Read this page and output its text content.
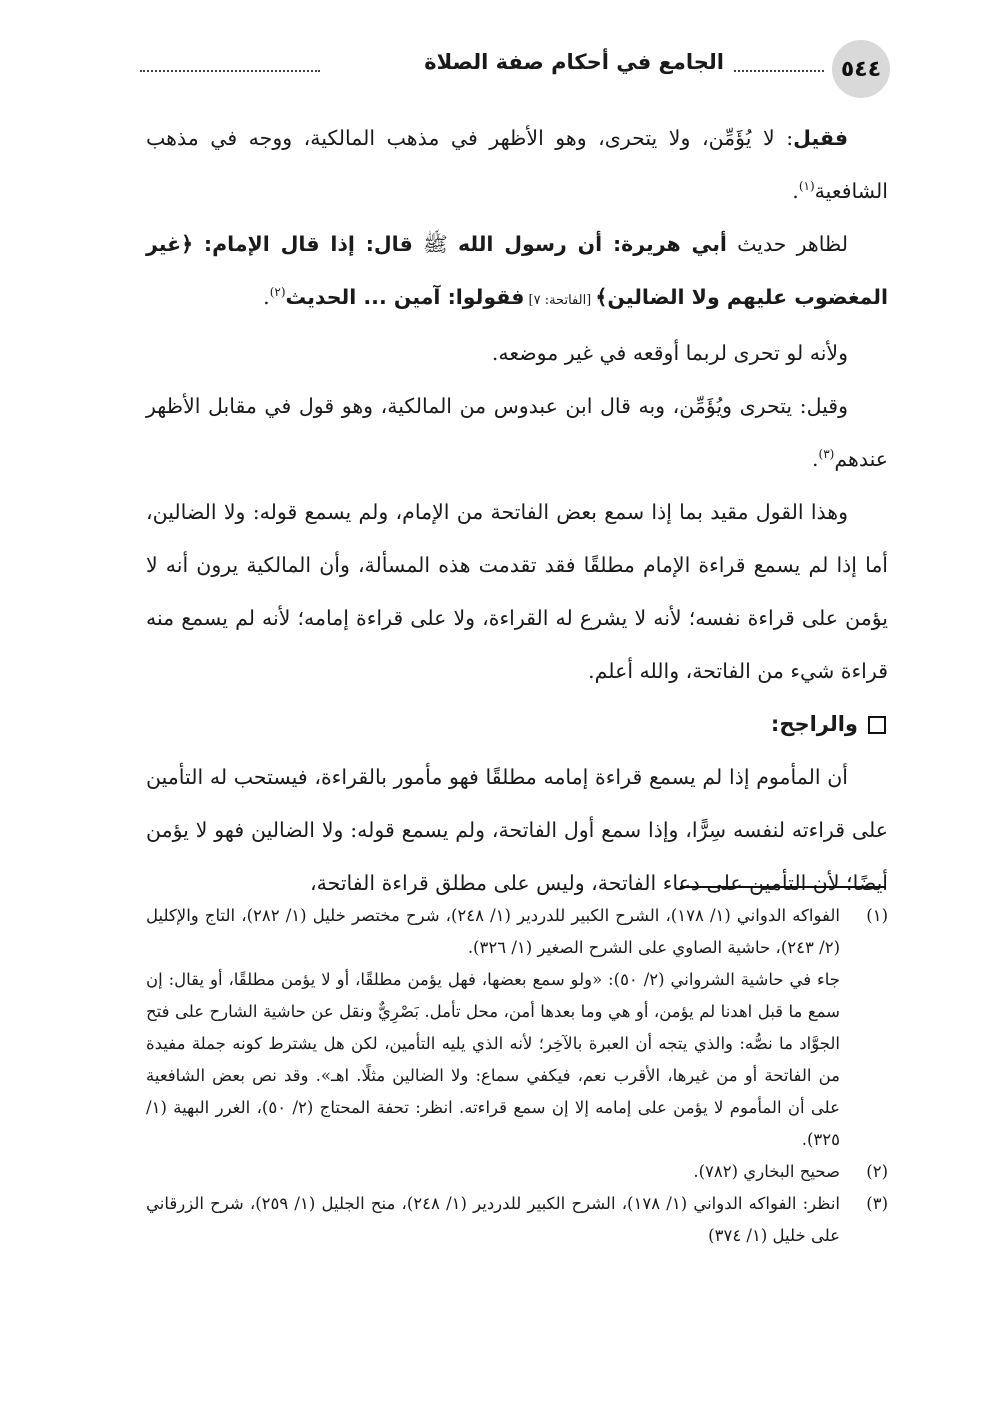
٥٤٤
الجامع في أحكام صفة الصلاة

فقيل: لا يُؤَمِّن، ولا يتحرى، وهو الأظهر في مذهب المالكية، ووجه في مذهب الشافعية$^{(١)}$.

لظاهر حديث أبي هريرة: أن رسول الله ﷺ قال: إذا قال الإمام: ﴿غير المغضوب عليهم ولا الضالين﴾ [الفاتحة: ٧] فقولوا: آمين ... الحديث$^{(٢)}$.

ولأنه لو تحرى لربما أوقعه في غير موضعه.

وقيل: يتحرى ويُؤَمِّن، وبه قال ابن عبدوس من المالكية، وهو قول في مقابل الأظهر عندهم$^{(٣)}$.

وهذا القول مقيد بما إذا سمع بعض الفاتحة من الإمام، ولم يسمع قوله: ولا الضالين، أما إذا لم يسمع قراءة الإمام مطلقًا فقد تقدمت هذه المسألة، وأن المالكية يرون أنه لا يؤمن على قراءة نفسه؛ لأنه لا يشرع له القراءة، ولا على قراءة إمامه؛ لأنه لم يسمع منه قراءة شيء من الفاتحة، والله أعلم.

والراجح:

أن المأموم إذا لم يسمع قراءة إمامه مطلقًا فهو مأمور بالقراءة، فيستحب له التأمين على قراءته لنفسه سِرًّا، وإذا سمع أول الفاتحة، ولم يسمع قوله: ولا الضالين فهو لا يؤمن أيضًا؛ لأن التأمين على دعاء الفاتحة، وليس على مطلق قراءة الفاتحة،

(١)

الفواكه الدواني (١/ ١٧٨)، الشرح الكبير للدردير (١/ ٢٤٨)، شرح مختصر خليل (١/ ٢٨٢)، التاج والإكليل (٢/ ٢٤٣)، حاشية الصاوي على الشرح الصغير (١/ ٣٢٦).

جاء في حاشية الشرواني (٢/ ٥٠): «ولو سمع بعضها، فهل يؤمن مطلقًا، أو لا يؤمن مطلقًا، أو يقال: إن سمع ما قبل اهدنا لم يؤمن، أو هي وما بعدها أمن، محل تأمل. بَصْرِيٌّ ونقل عن حاشية الشارح على فتح الجوَّاد ما نصُّه: والذي يتجه أن العبرة بالآخِر؛ لأنه الذي يليه التأمين، لكن هل يشترط كونه جملة مفيدة من الفاتحة أو من غيرها، الأقرب نعم، فيكفي سماع: ولا الضالين مثلًا. اهـ». وقد نص بعض الشافعية على أن المأموم لا يؤمن على إمامه إلا إن سمع قراءته. انظر: تحفة المحتاج (٢/ ٥٠)، الغرر البهية (١/ ٣٢٥).

(٢)

صحيح البخاري (٧٨٢).

(٣)

انظر: الفواكه الدواني (١/ ١٧٨)، الشرح الكبير للدردير (١/ ٢٤٨)، منح الجليل (١/ ٢٥٩)، شرح الزرقاني على خليل (١/ ٣٧٤)
